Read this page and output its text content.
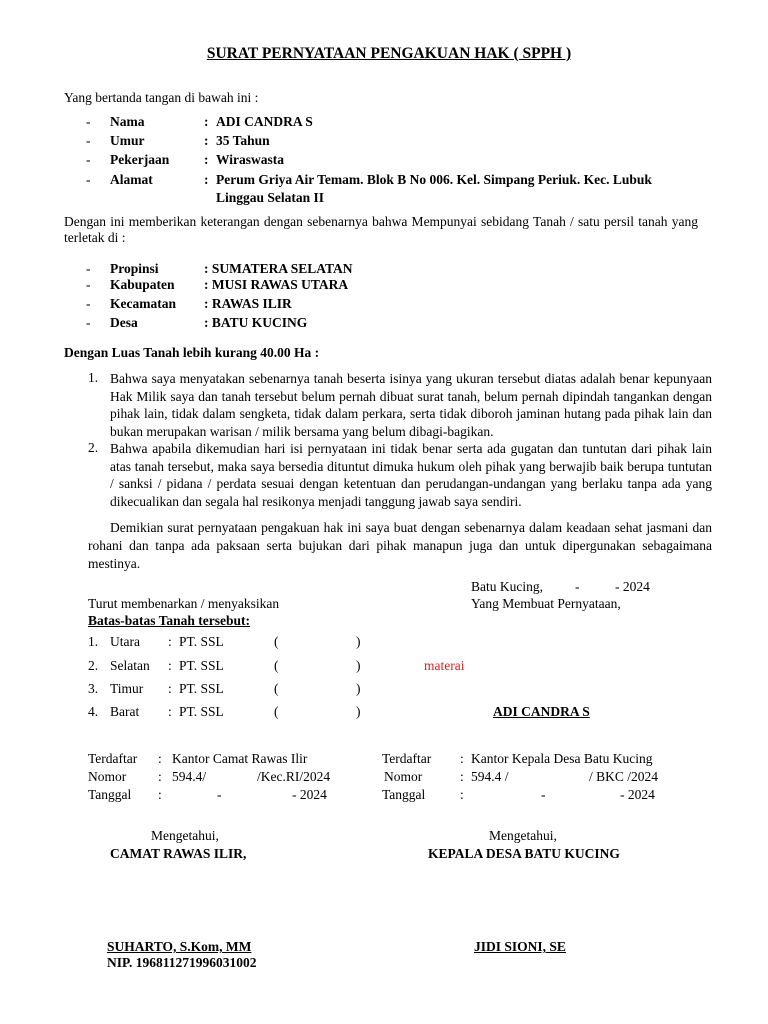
SURAT PERNYATAAN PENGAKUAN HAK ( SPPH )
Yang bertanda tangan di bawah ini :
- Nama	: ADI CANDRA S
- Umur	: 35 Tahun
- Pekerjaan	: Wiraswasta
- Alamat	: Perum Griya Air Temam. Blok B No 006. Kel. Simpang Periuk. Kec. Lubuk
Linggau Selatan II
Dengan ini memberikan keterangan dengan sebenarnya bahwa Mempunyai sebidang Tanah / satu persil tanah yang terletak di :
- Propinsi	: SUMATERA SELATAN
- Kabupaten : MUSI RAWAS UTARA
- Kecamatan : RAWAS ILIR
- Desa	: BATU KUCING
Dengan Luas Tanah lebih kurang 40.00 Ha :
1. Bahwa saya menyatakan sebenarnya tanah beserta isinya yang ukuran tersebut diatas adalah benar kepunyaan Hak Milik saya dan tanah tersebut belum pernah dibuat surat tanah, belum pernah dipindah tangankan dengan pihak lain, tidak dalam sengketa, tidak dalam perkara, serta tidak diboroh jaminan hutang pada pihak lain dan bukan merupakan warisan / milik bersama yang belum dibagi-bagikan.
2. Bahwa apabila dikemudian hari isi pernyataan ini tidak benar serta ada gugatan dan tuntutan dari pihak lain atas tanah tersebut, maka saya bersedia dituntut dimuka hukum oleh pihak yang berwajib baik berupa tuntutan / sanksi / pidana / perdata sesuai dengan ketentuan dan perudangan-undangan yang berlaku tanpa ada yang dikecualikan dan segala hal resikonya menjadi tanggung jawab saya sendiri.
Demikian surat pernyataan pengakuan hak ini saya buat dengan sebenarnya dalam keadaan sehat jasmani dan rohani dan tanpa ada paksaan serta bujukan dari pihak manapun juga dan untuk dipergunakan sebagaimana mestinya.
Batu Kucing, -	- 2024
Turut membenarkan / menyaksikan	Yang Membuat Pernyataan,
Batas-batas Tanah tersebut:
1. Utara : PT. SSL	(	)
2. Selatan : PT. SSL	(	)
3. Timur : PT. SSL	(	)
4. Barat : PT. SSL	(	)
materai
ADI CANDRA S
Terdaftar : Kantor Camat Rawas Ilir
Nomor : 594.4/	/Kec.RI/2024
Tanggal :	-	- 2024
Terdaftar : Kantor Kepala Desa Batu Kucing
Nomor	: 594.4 /	/ BKC /2024
Tanggal	:	-	- 2024
Mengetahui,
CAMAT RAWAS ILIR,
Mengetahui,
KEPALA DESA BATU KUCING
SUHARTO, S.Kom, MM
NIP. 196811271996031002
JIDI SIONI, SE
